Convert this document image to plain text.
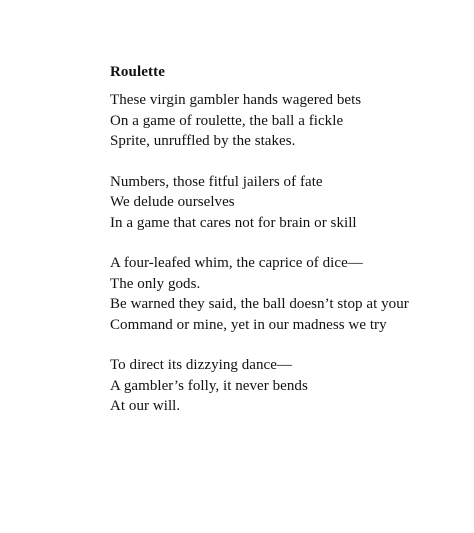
Roulette
These virgin gambler hands wagered bets
On a game of roulette, the ball a fickle
Sprite, unruffled by the stakes.
Numbers, those fitful jailers of fate
We delude ourselves
In a game that cares not for brain or skill
A four-leafed whim, the caprice of dice—
The only gods.
Be warned they said, the ball doesn’t stop at your
Command or mine, yet in our madness we try
To direct its dizzying dance—
A gambler’s folly, it never bends
At our will.
